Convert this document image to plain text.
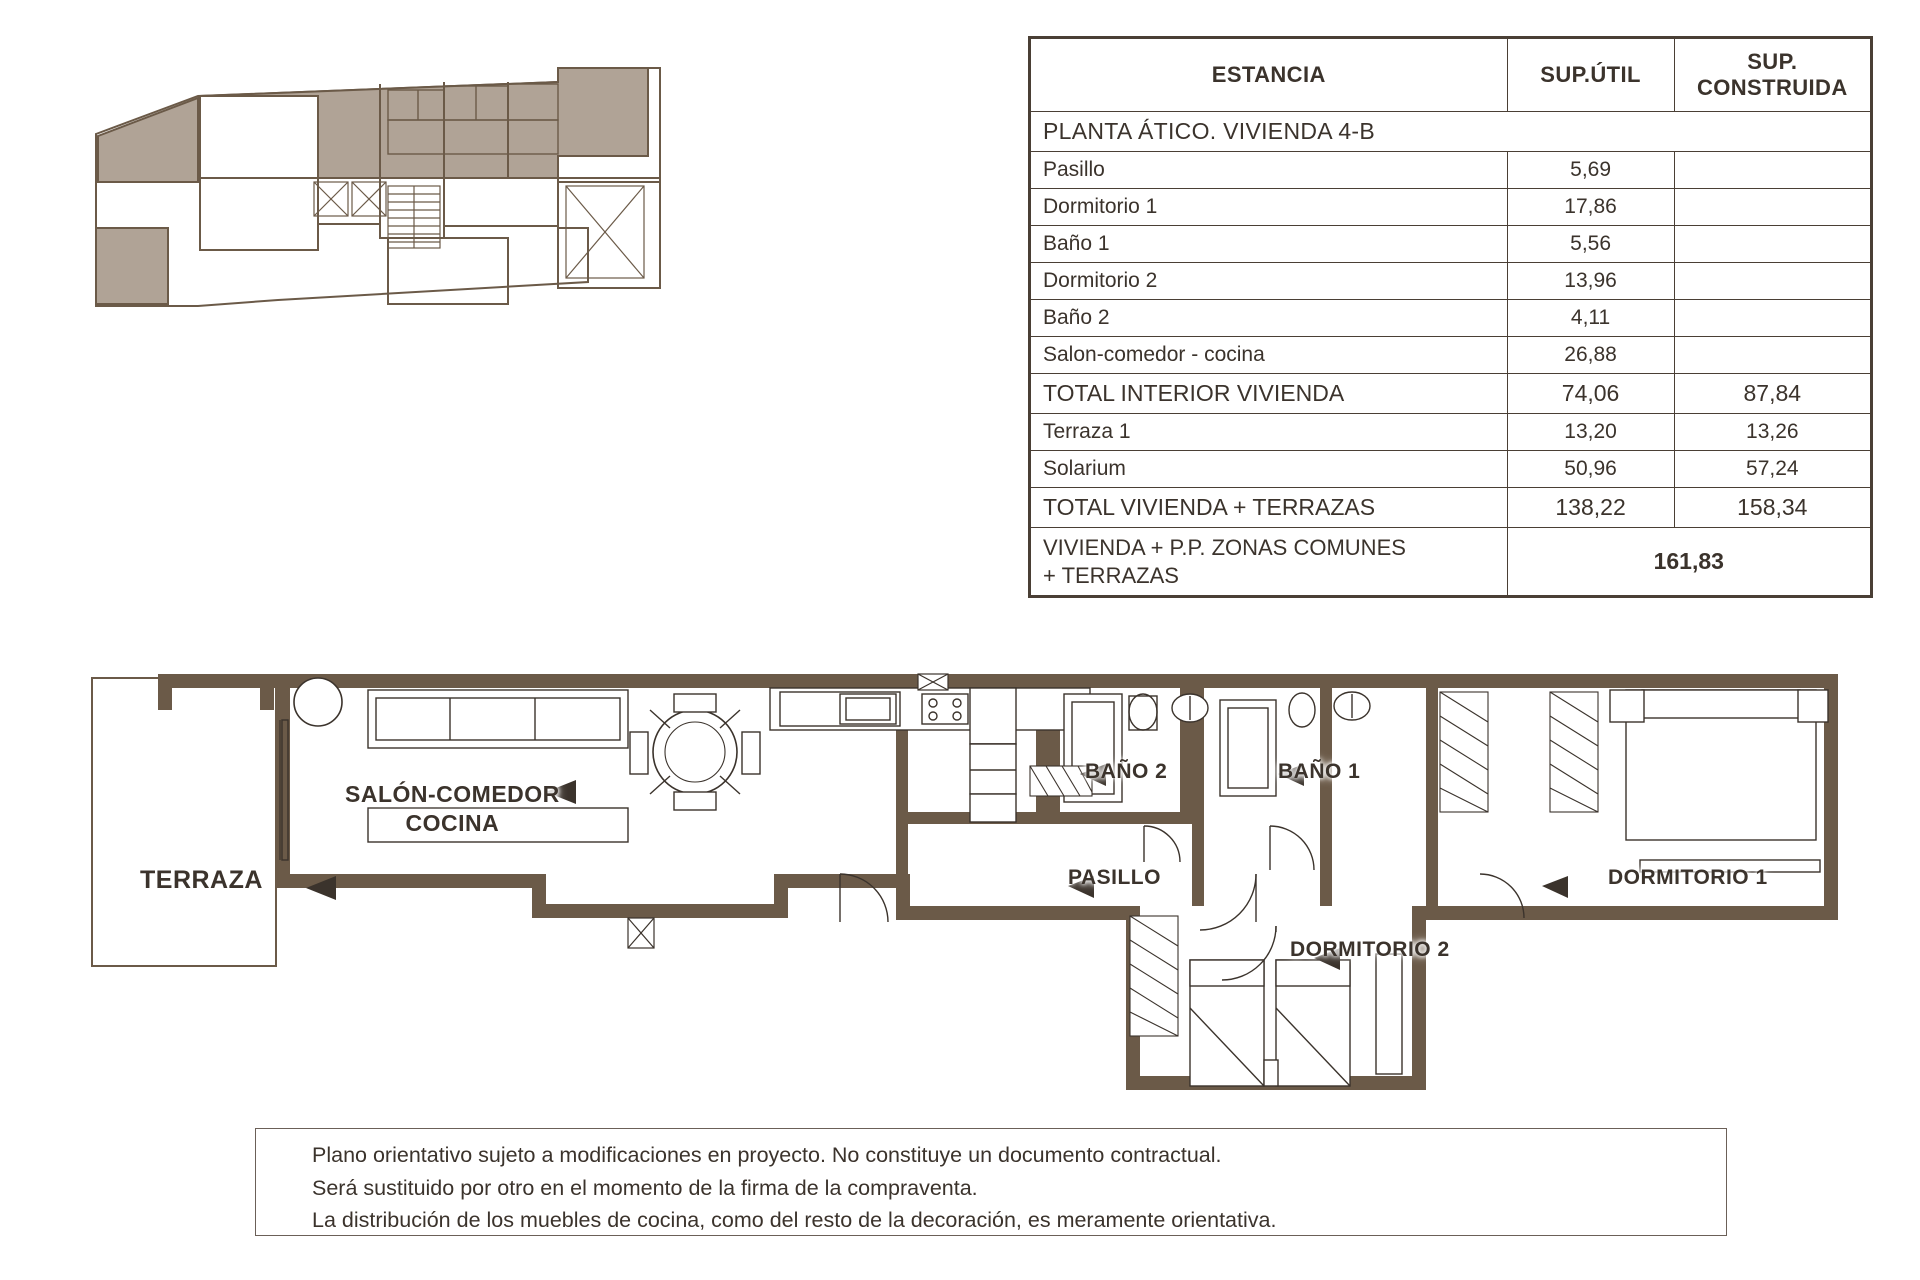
ESTANCIA	SUP.ÚTIL	SUP.
CONSTRUIDA

PLANTA ÁTICO. VIVIENDA 4-B		
Pasillo	5,69	
Dormitorio 1	17,86	
Baño 1	5,56	
Dormitorio 2	13,96	
Baño 2	4,11	
Salon-comedor - cocina	26,88	
TOTAL INTERIOR VIVIENDA	74,06	87,84
Terraza 1	13,20	13,26
Solarium	50,96	57,24
TOTAL VIVIENDA + TERRAZAS	138,22	158,34

VIVIENDA + P.P. ZONAS COMUNES
+ TERRAZAS	161,83	
TERRAZA
SALÓN-COMEDOR
COCINA
BAÑO 2	BAÑO 1
PASILLO	DORMITORIO 1
DORMITORIO 2
Plano orientativo sujeto a modificaciones en proyecto. No constituye un documento contractual.
Será sustituido por otro en el momento de la firma de la compraventa.
La distribución de los muebles de cocina, como del resto de la decoración, es meramente orientativa.
